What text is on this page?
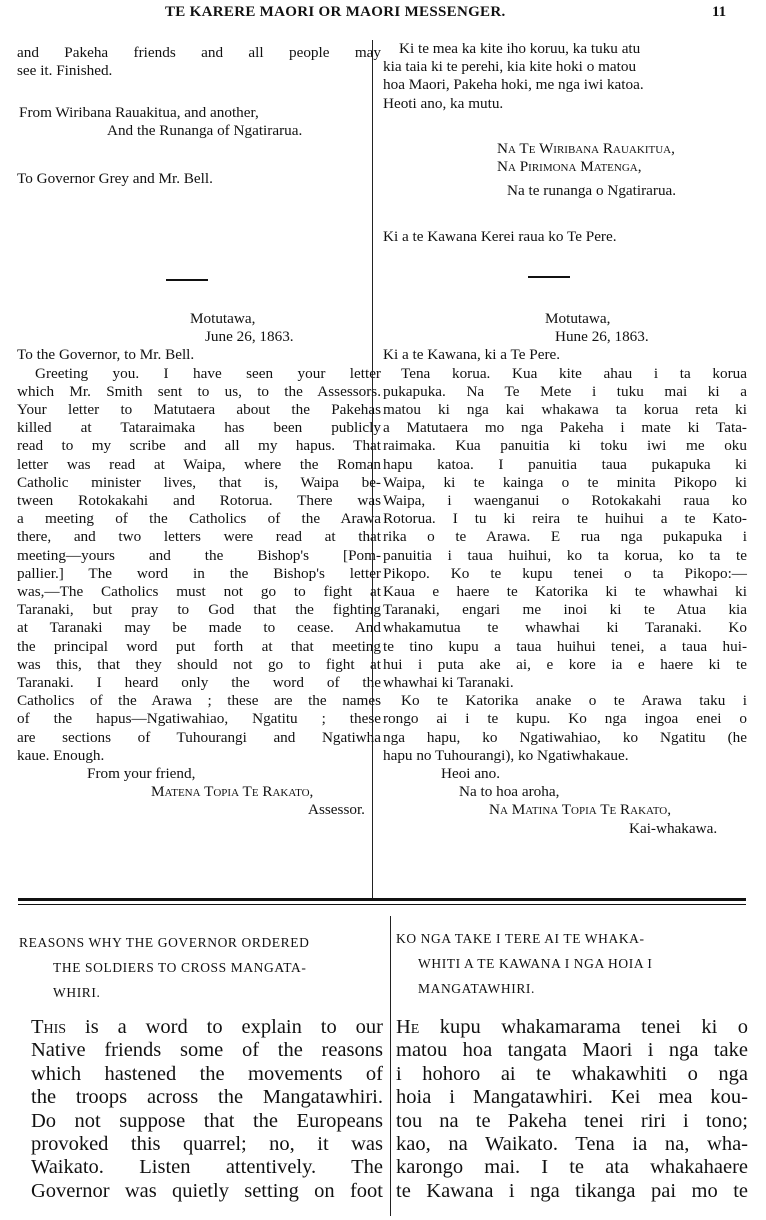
TE KARERE MAORI OR MAORI MESSENGER.	11
and Pakeha friends and all people may
see it. Finished.
From Wiribana Rauakitua, and another,
And the Runanga of Ngatirarua.
To Governor Grey and Mr. Bell.
Ki te mea ka kite iho koruu, ka tuku atu
kia taia ki te perehi, kia kite hoki o matou
hoa Maori, Pakeha hoki, me nga iwi katoa.
Heoti ano, ka mutu.
Na Te Wiribana Rauakitua,
Na Pirimona Matenga,
Na te runanga o Ngatirarua.
Ki a te Kawana Kerei raua ko Te Pere.
Motutawa,
June 26, 1863.
To the Governor, to Mr. Bell.
Greeting you. I have seen your letter
which Mr. Smith sent to us, to the Assessors.
Your letter to Matutaera about the Pakehas
killed at Tataraimaka has been publicly
read to my scribe and all my hapus. That
letter was read at Waipa, where the Roman
Catholic minister lives, that is, Waipa be-
tween Rotokakahi and Rotorua. There was
a meeting of the Catholics of the Arawa
there, and two letters were read at that
meeting—yours and the Bishop's [Pom-
pallier.] The word in the Bishop's letter
was,—The Catholics must not go to fight at
Taranaki, but pray to God that the fighting
at Taranaki may be made to cease. And
the principal word put forth at that meeting
was this, that they should not go to fight at
Taranaki. I heard only the word of the
Catholics of the Arawa ; these are the names
of the hapus—Ngatiwahiao, Ngatitu ; these
are sections of Tuhourangi and Ngatiwha
kaue. Enough.
From your friend,
Matena Topia Te Rakato,
Assessor.
Motutawa,
Hune 26, 1863.
Ki a te Kawana, ki a Te Pere.
Tena korua. Kua kite ahau i ta korua
pukapuka. Na Te Mete i tuku mai ki a
matou ki nga kai whakawa ta korua reta ki
a Matutaera mo nga Pakeha i mate ki Tata-
raimaka. Kua panuitia ki toku iwi me oku
hapu katoa. I panuitia taua pukapuka ki
Waipa, ki te kainga o te minita Pikopo ki
Waipa, i waenganui o Rotokakahi raua ko
Rotorua. I tu ki reira te huihui a te Kato-
rika o te Arawa. E rua nga pukapuka i
panuitia i taua huihui, ko ta korua, ko ta te
Pikopo. Ko te kupu tenei o ta Pikopo:—
Kaua e haere te Katorika ki te whawhai ki
Taranaki, engari me inoi ki te Atua kia
whakamutua te whawhai ki Taranaki. Ko
te tino kupu a taua huihui tenei, a taua hui-
hui i puta ake ai, e kore ia e haere ki te
whawhai ki Taranaki.
Ko te Katorika anake o te Arawa taku i
rongo ai i te kupu. Ko nga ingoa enei o
nga hapu, ko Ngatiwahiao, ko Ngatitu (he
hapu no Tuhourangi), ko Ngatiwhakaue.
Heoi ano.
Na to hoa aroha,
Na Matina Topia Te Rakato,
Kai-whakawa.
REASONS WHY THE GOVERNOR ORDERED
THE SOLDIERS TO CROSS MANGATA-
WHIRI.
KO NGA TAKE I TERE AI TE WHAKA-
WHITI A TE KAWANA I NGA HOIA I
MANGATAWHIRI.
This is a word to explain to our
Native friends some of the reasons
which hastened the movements of
the troops across the Mangatawhiri.
Do not suppose that the Europeans
provoked this quarrel; no, it was
Waikato. Listen attentively. The
Governor was quietly setting on foot
He kupu whakamarama tenei ki o
matou hoa tangata Maori i nga take
i hohoro ai te whakawhiti o nga
hoia i Mangatawhiri. Kei mea kou-
tou na te Pakeha tenei riri i tono;
kao, na Waikato. Tena ia na, wha-
karongo mai. I te ata whakahaere
te Kawana i nga tikanga pai mo te
